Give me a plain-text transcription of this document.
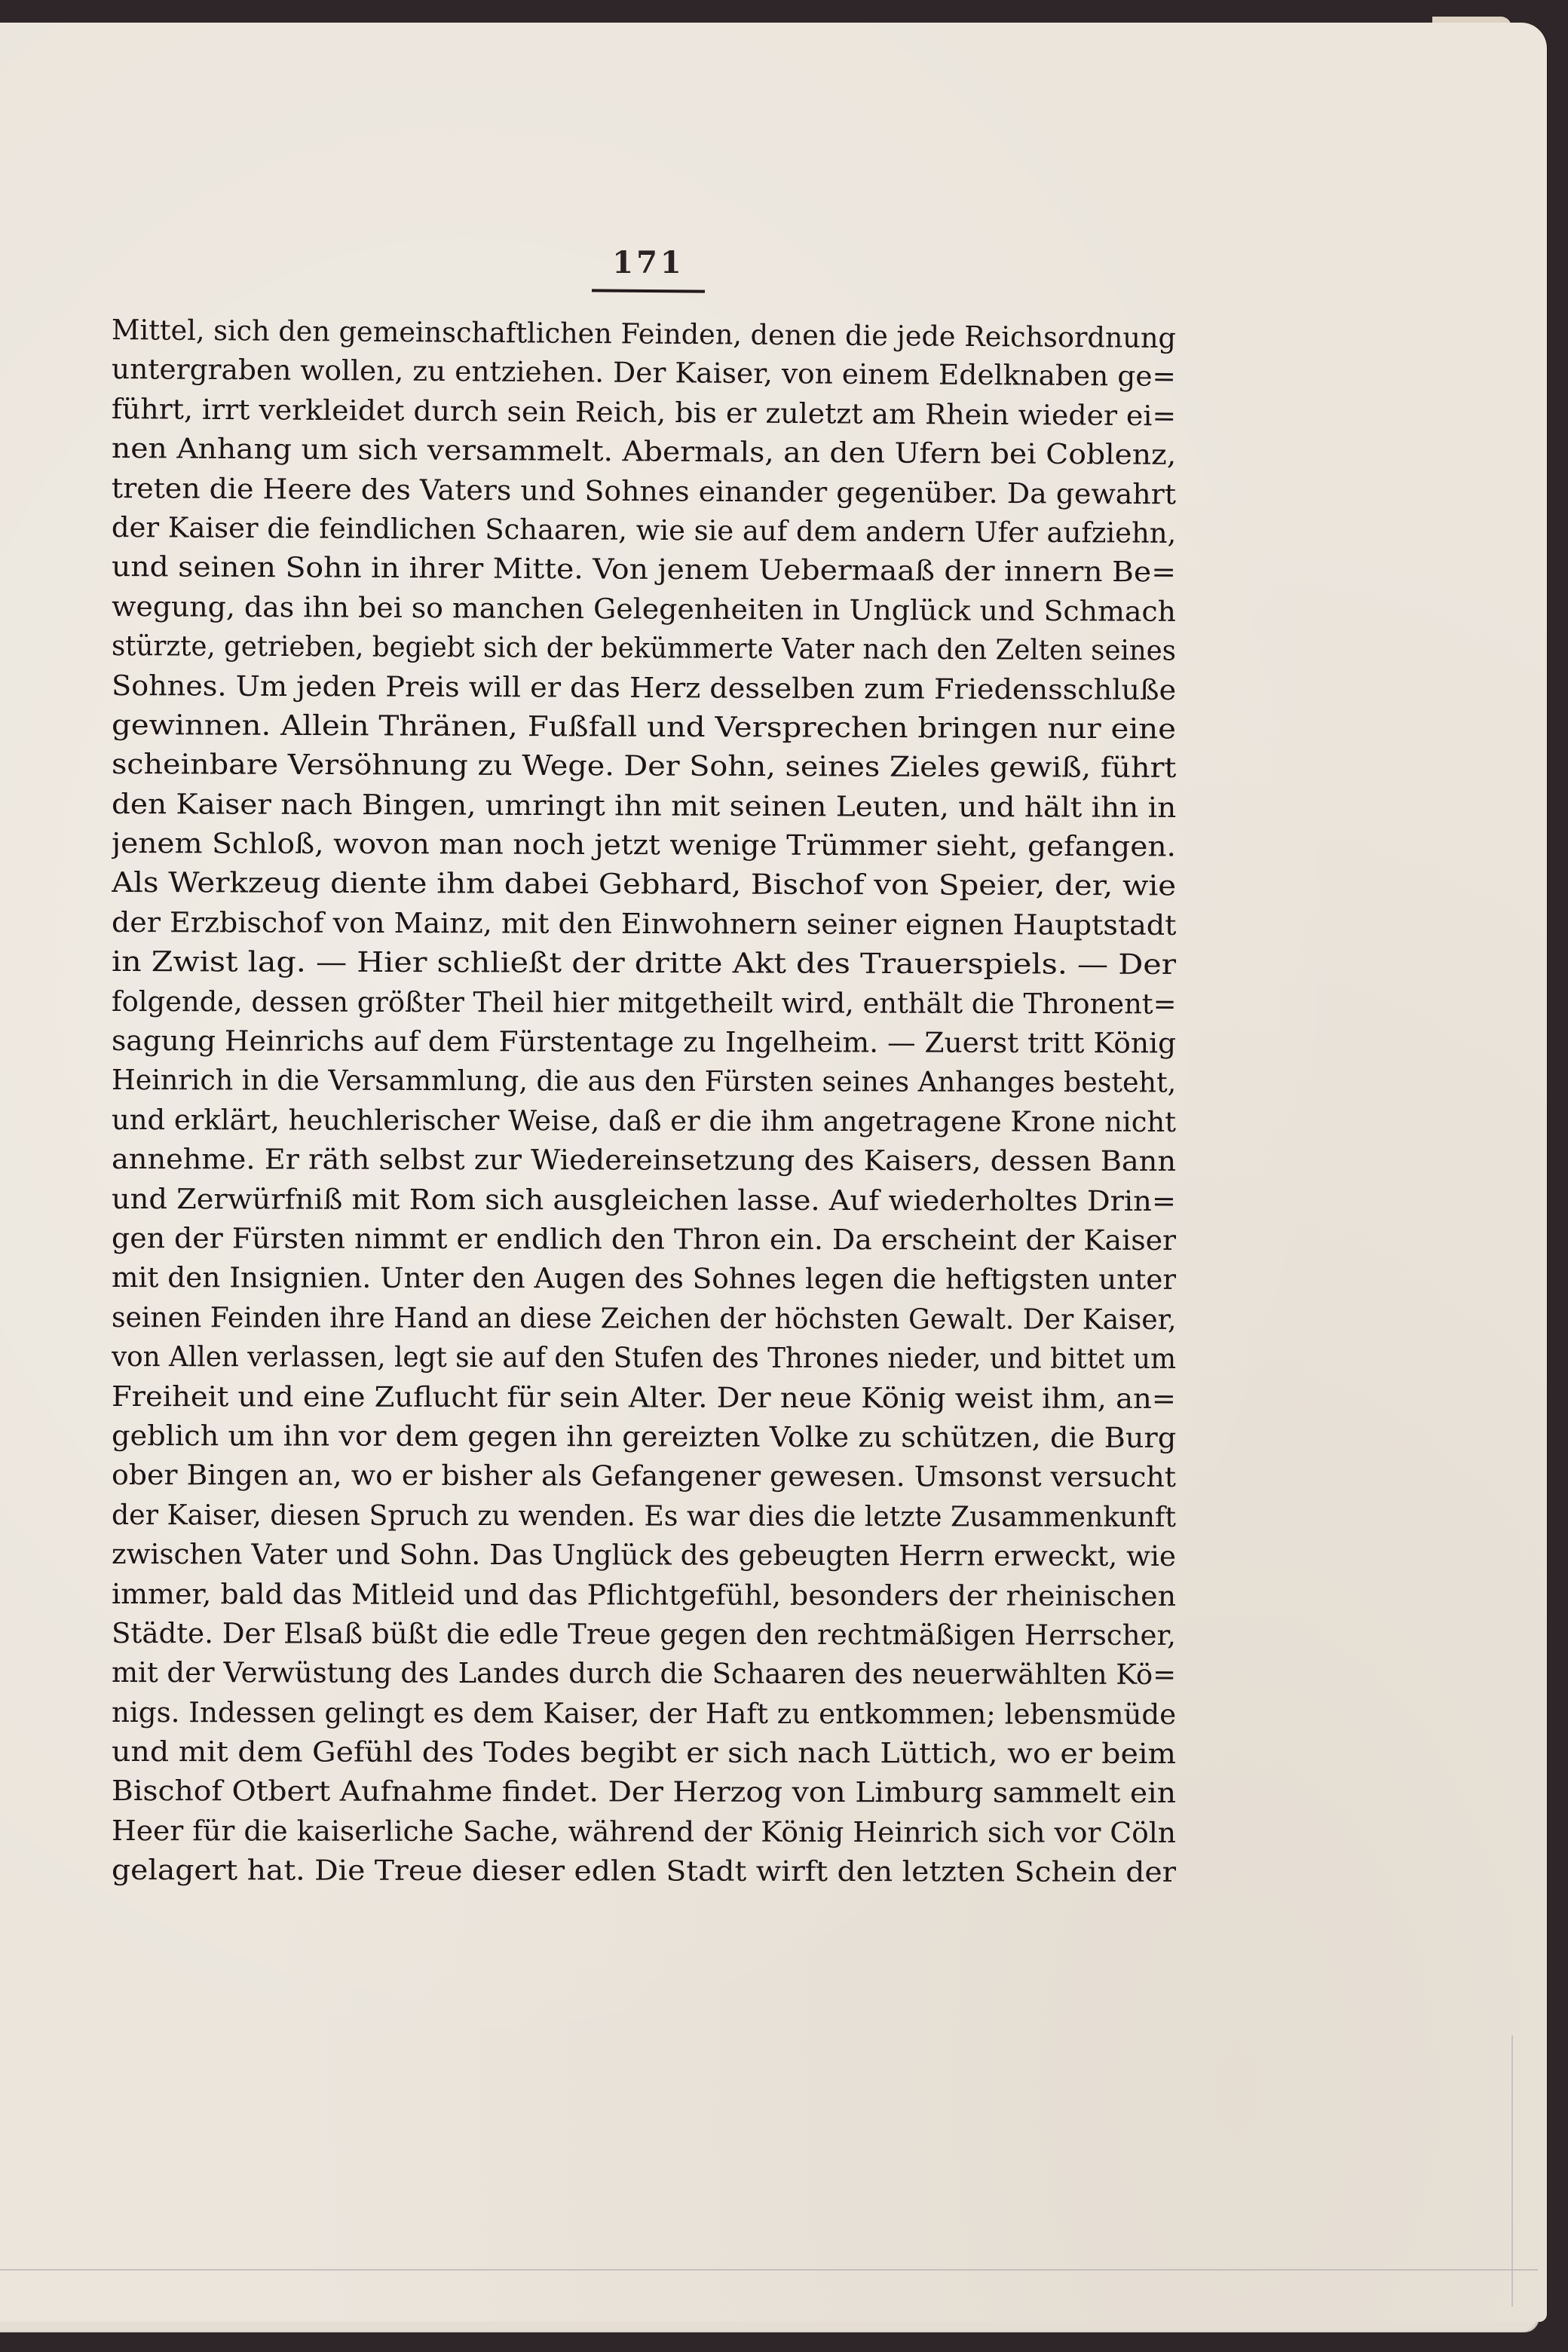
171
Mittel, sich den gemeinschaftlichen Feinden, denen die jede Reichsordnung
untergraben wollen, zu entziehen. Der Kaiser, von einem Edelknaben ge=
führt, irrt verkleidet durch sein Reich, bis er zuletzt am Rhein wieder ei=
nen Anhang um sich versammelt. Abermals, an den Ufern bei Coblenz,
treten die Heere des Vaters und Sohnes einander gegenüber. Da gewahrt
der Kaiser die feindlichen Schaaren, wie sie auf dem andern Ufer aufziehn,
und seinen Sohn in ihrer Mitte. Von jenem Uebermaaß der innern Be=
wegung, das ihn bei so manchen Gelegenheiten in Unglück und Schmach
stürzte, getrieben, begiebt sich der bekümmerte Vater nach den Zelten seines
Sohnes. Um jeden Preis will er das Herz desselben zum Friedensschluße
gewinnen. Allein Thränen, Fußfall und Versprechen bringen nur eine
scheinbare Versöhnung zu Wege. Der Sohn, seines Zieles gewiß, führt
den Kaiser nach Bingen, umringt ihn mit seinen Leuten, und hält ihn in
jenem Schloß, wovon man noch jetzt wenige Trümmer sieht, gefangen.
Als Werkzeug diente ihm dabei Gebhard, Bischof von Speier, der, wie
der Erzbischof von Mainz, mit den Einwohnern seiner eignen Hauptstadt
in Zwist lag. — Hier schließt der dritte Akt des Trauerspiels. — Der
folgende, dessen größter Theil hier mitgetheilt wird, enthält die Thronent=
sagung Heinrichs auf dem Fürstentage zu Ingelheim. — Zuerst tritt König
Heinrich in die Versammlung, die aus den Fürsten seines Anhanges besteht,
und erklärt, heuchlerischer Weise, daß er die ihm angetragene Krone nicht
annehme. Er räth selbst zur Wiedereinsetzung des Kaisers, dessen Bann
und Zerwürfniß mit Rom sich ausgleichen lasse. Auf wiederholtes Drin=
gen der Fürsten nimmt er endlich den Thron ein. Da erscheint der Kaiser
mit den Insignien. Unter den Augen des Sohnes legen die heftigsten unter
seinen Feinden ihre Hand an diese Zeichen der höchsten Gewalt. Der Kaiser,
von Allen verlassen, legt sie auf den Stufen des Thrones nieder, und bittet um
Freiheit und eine Zuflucht für sein Alter. Der neue König weist ihm, an=
geblich um ihn vor dem gegen ihn gereizten Volke zu schützen, die Burg
ober Bingen an, wo er bisher als Gefangener gewesen. Umsonst versucht
der Kaiser, diesen Spruch zu wenden. Es war dies die letzte Zusammenkunft
zwischen Vater und Sohn. Das Unglück des gebeugten Herrn erweckt, wie
immer, bald das Mitleid und das Pflichtgefühl, besonders der rheinischen
Städte. Der Elsaß büßt die edle Treue gegen den rechtmäßigen Herrscher,
mit der Verwüstung des Landes durch die Schaaren des neuerwählten Kö=
nigs. Indessen gelingt es dem Kaiser, der Haft zu entkommen; lebensmüde
und mit dem Gefühl des Todes begibt er sich nach Lüttich, wo er beim
Bischof Otbert Aufnahme findet. Der Herzog von Limburg sammelt ein
Heer für die kaiserliche Sache, während der König Heinrich sich vor Cöln
gelagert hat. Die Treue dieser edlen Stadt wirft den letzten Schein der
